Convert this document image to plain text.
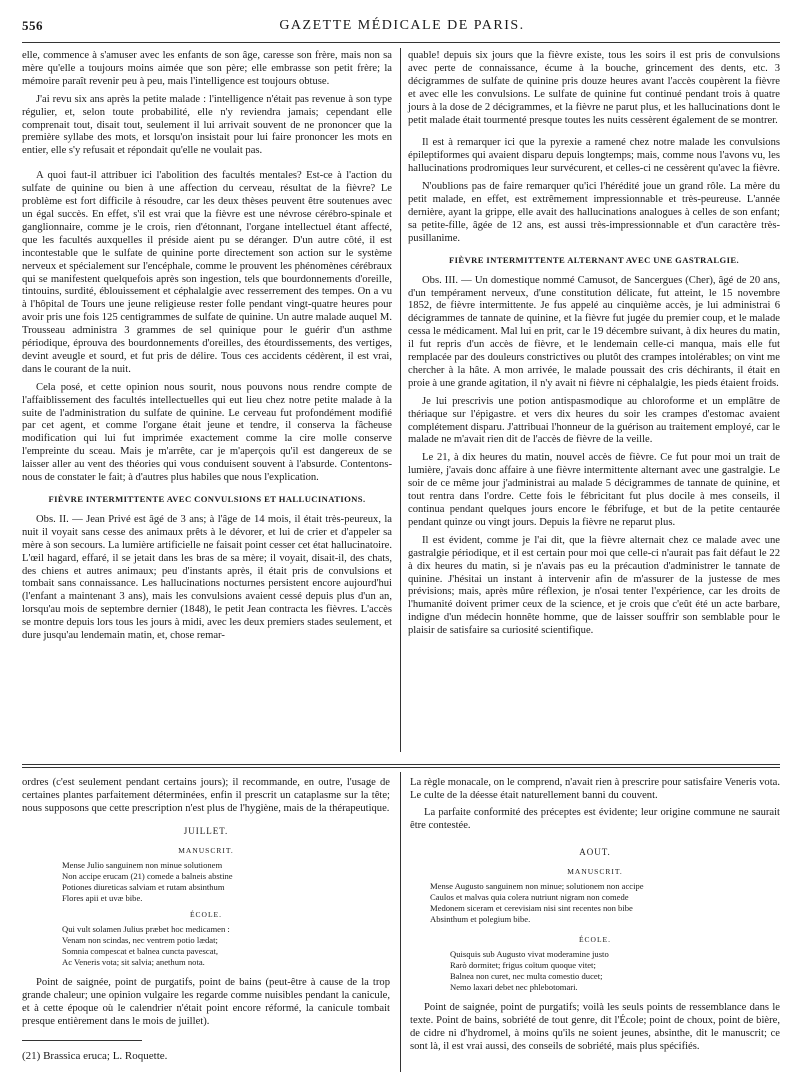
556	GAZETTE MÉDICALE DE PARIS.

elle, commence à s'amuser avec les enfants de son âge, caresse son frère, mais non sa mère qu'elle a toujours moins aimée que son père; elle embrasse son petit frère; la mémoire paraît revenir peu à peu, mais l'intelligence est toujours obtuse.

J'ai revu six ans après la petite malade : l'intelligence n'était pas revenue à son type régulier, et, selon toute probabilité, elle n'y reviendra jamais; cependant elle comprenait tout, disait tout, seulement il lui arrivait souvent de ne prononcer que la première syllabe des mots, et lorsqu'on insistait pour lui faire prononcer les mots en entier, elle s'y refusait et répondait qu'elle ne voulait pas.

A quoi faut-il attribuer ici l'abolition des facultés mentales? Est-ce à l'action du sulfate de quinine ou bien à une affection du cerveau, résultat de la fièvre? Le problème est fort difficile à résoudre, car les deux thèses peuvent être soutenues avec un égal succès. En effet, s'il est vrai que la fièvre est une névrose cérébro-spinale et ganglionnaire, comme je le crois, rien d'étonnant, l'organe intellectuel étant affecté, que les facultés auxquelles il préside aient pu se déranger. D'un autre côté, il est incontestable que le sulfate de quinine porte directement son action sur le système nerveux et spécialement sur l'encéphale, comme le prouvent les phénomènes cérébraux qui se manifestent quelquefois après son ingestion, tels que bourdonnements d'oreille, tintouins, surdité, éblouissement et céphalalgie avec resserrement des tempes. On a vu à l'hôpital de Tours une jeune religieuse rester folle pendant vingt-quatre heures pour avoir pris une fois 125 centigrammes de sulfate de quinine. Un autre malade auquel M. Trousseau administra 3 grammes de sel quinique pour le guérir d'un asthme périodique, éprouva des bourdonnements d'oreilles, des étourdissements, des vertiges, devint aveugle et sourd, et fut pris de délire. Tous ces accidents cédèrent, il est vrai, dans le courant de la nuit.

Cela posé, et cette opinion nous sourit, nous pouvons nous rendre compte de l'affaiblissement des facultés intellectuelles qui eut lieu chez notre petite malade à la suite de l'administration du sulfate de quinine. Le cerveau fut profondément modifié par cet agent, et comme l'organe était jeune et tendre, il conserva la fâcheuse modification qui lui fut imprimée exactement comme la cire molle conserve l'empreinte du sceau. Mais je m'arrête, car je m'aperçois qu'il est dangereux de se laisser aller au vent des théories qui vous conduisent souvent à l'absurde. Contentons-nous de constater le fait; à d'autres plus habiles que nous l'explication.

FIÈVRE INTERMITTENTE AVEC CONVULSIONS ET HALLUCINATIONS.

Obs. II. — Jean Privé est âgé de 3 ans; à l'âge de 14 mois, il était très-peureux, la nuit il voyait sans cesse des animaux prêts à le dévorer, et lui de crier et d'appeler sa mère à son secours. La lumière artificielle ne faisait point cesser cet état hallucinatoire. L'œil hagard, effaré, il se jetait dans les bras de sa mère; il voyait, disait-il, des chats, des chiens et autres animaux; peu d'instants après, il était pris de convulsions et tombait sans connaissance. Les hallucinations nocturnes persistent encore aujourd'hui (l'enfant a maintenant 3 ans), mais les convulsions avaient cessé depuis plus d'un an, lorsqu'au mois de septembre dernier (1848), le petit Jean contracta les fièvres. L'accès se montre depuis lors tous les jours à midi, avec les deux premiers stades seulement, et dure jusqu'au lendemain matin, et, chose remar-

quable! depuis six jours que la fièvre existe, tous les soirs il est pris de convulsions avec perte de connaissance, écume à la bouche, grincement des dents, etc. 3 décigrammes de sulfate de quinine pris douze heures avant l'accès coupèrent la fièvre et avec elle les convulsions. Le sulfate de quinine fut continué pendant trois à quatre jours à la dose de 2 décigrammes, et la fièvre ne parut plus, et les hallucinations dont le petit malade était tourmenté presque toutes les nuits cessèrent également de se montrer.

Il est à remarquer ici que la pyrexie a ramené chez notre malade les convulsions épileptiformes qui avaient disparu depuis longtemps; mais, comme nous l'avons vu, les hallucinations prodromiques leur survécurent, et celles-ci ne cessèrent qu'avec la fièvre.

N'oublions pas de faire remarquer qu'ici l'hérédité joue un grand rôle. La mère du petit malade, en effet, est extrêmement impressionnable et très-peureuse. L'année dernière, ayant la grippe, elle avait des hallucinations analogues à celles de son enfant; sa petite-fille, âgée de 12 ans, est aussi très-impressionnable et d'un caractère très-pusillanime.

FIÈVRE INTERMITTENTE ALTERNANT AVEC UNE GASTRALGIE.

Obs. III. — Un domestique nommé Camusot, de Sancergues (Cher), âgé de 20 ans, d'un tempérament nerveux, d'une constitution délicate, fut atteint, le 15 novembre 1852, de fièvre intermittente. Je fus appelé au cinquième accès, je lui administrai 6 décigrammes de tannate de quinine, et la fièvre fut jugée du premier coup, et le malade cessa le médicament. Mal lui en prit, car le 19 décembre suivant, à dix heures du matin, il fut repris d'un accès de fièvre, et le lendemain celle-ci manqua, mais elle fut remplacée par des douleurs constrictives ou plutôt des crampes intolérables; on vint me chercher à la hâte. A mon arrivée, le malade poussait des cris déchirants, il était en proie à une grande agitation, il n'y avait ni fièvre ni céphalalgie, les pieds étaient froids.

Je lui prescrivis une potion antispasmodique au chloroforme et un emplâtre de thériaque sur l'épigastre. et vers dix heures du soir les crampes d'estomac avaient complétement disparu. J'attribuai l'honneur de la guérison au traitement employé, car le malade ne m'avait rien dit de l'accès de fièvre de la veille.

Le 21, à dix heures du matin, nouvel accès de fièvre. Ce fut pour moi un trait de lumière, j'avais donc affaire à une fièvre intermittente alternant avec une gastralgie. Le soir de ce même jour j'administrai au malade 5 décigrammes de tannate de quinine, et tout rentra dans l'ordre. Cette fois le fébricitant fut plus docile à mes conseils, il continua pendant quelques jours encore le fébrifuge, et but de la petite centaurée pendant quinze ou vingt jours. Depuis la fièvre ne reparut plus.

Il est évident, comme je l'ai dit, que la fièvre alternait chez ce malade avec une gastralgie périodique, et il est certain pour moi que celle-ci n'aurait pas fait défaut le 22 à dix heures du matin, si je n'avais pas eu la précaution d'administrer le tannate de quinine. J'hésitai un instant à intervenir afin de m'assurer de la justesse de mes prévisions; mais, après mûre réflexion, je n'osai tenter l'expérience, car les droits de l'humanité doivent primer ceux de la science, et je crois que c'eût été un acte barbare, indigne d'un médecin honnête homme, que de laisser souffrir son semblable pour le plaisir de satisfaire sa curiosité scientifique.

ordres (c'est seulement pendant certains jours); il recommande, en outre, l'usage de certaines plantes parfaitement déterminées, enfin il prescrit un cataplasme sur la tête; nous supposons que cette prescription n'est plus de l'hygiène, mais de la thérapeutique.

JUILLET.
MANUSCRIT.
Mense Julio sanguinem non minue solutionem
Non accipe erucam (21) comede a balneis abstine
Potiones diureticas salviam et rutam absinthum
Flores apii et uvæ bibe.
ÉCOLE.
Qui vult solamen Julius præbet hoc medicamen :
Venam non scindas, nec ventrem potio lædat;
Somnia compescat et balnea cuncta pavescat,
Ac Veneris vota; sit salvia; anethum nota.

Point de saignée, point de purgatifs, point de bains (peut-être à cause de la trop grande chaleur; une opinion vulgaire les regarde comme nuisibles pendant la canicule, et à cette époque où le calendrier n'était point encore réformé, la canicule tombait presque entièrement dans le mois de juillet).

La règle monacale, on le comprend, n'avait rien à prescrire pour satisfaire Veneris vota. Le culte de la déesse était naturellement banni du couvent.

La parfaite conformité des préceptes est évidente; leur origine commune ne saurait être contestée.

AOUT.
MANUSCRIT.
Mense Augusto sanguinem non minue; solutionem non accipe
Caulos et malvas quia colera nutriunt nigram non comede
Medonem siceram et cerevisiam nisi sint recentes non bibe
Absinthum et polegium bibe.
ÉCOLE.
Quisquis sub Augusto vivat moderamine justo
Rarò dormitet; frigus coïtum quoque vitet;
Balnea non curet, nec multa comestio ducet;
Nemo laxari debet nec phlebotomari.

Point de saignée, point de purgatifs; voilà les seuls points de ressemblance dans le texte. Point de bains, sobriété de tout genre, dit l'École; point de choux, point de bière, de cidre ni d'hydromel, à moins qu'ils ne soient jeunes, absinthe, dit le manuscrit; ce sont là, il est vrai aussi, des conseils de sobriété, mais plus spécifiés.

(21) Brassica eruca; L. Roquette.
